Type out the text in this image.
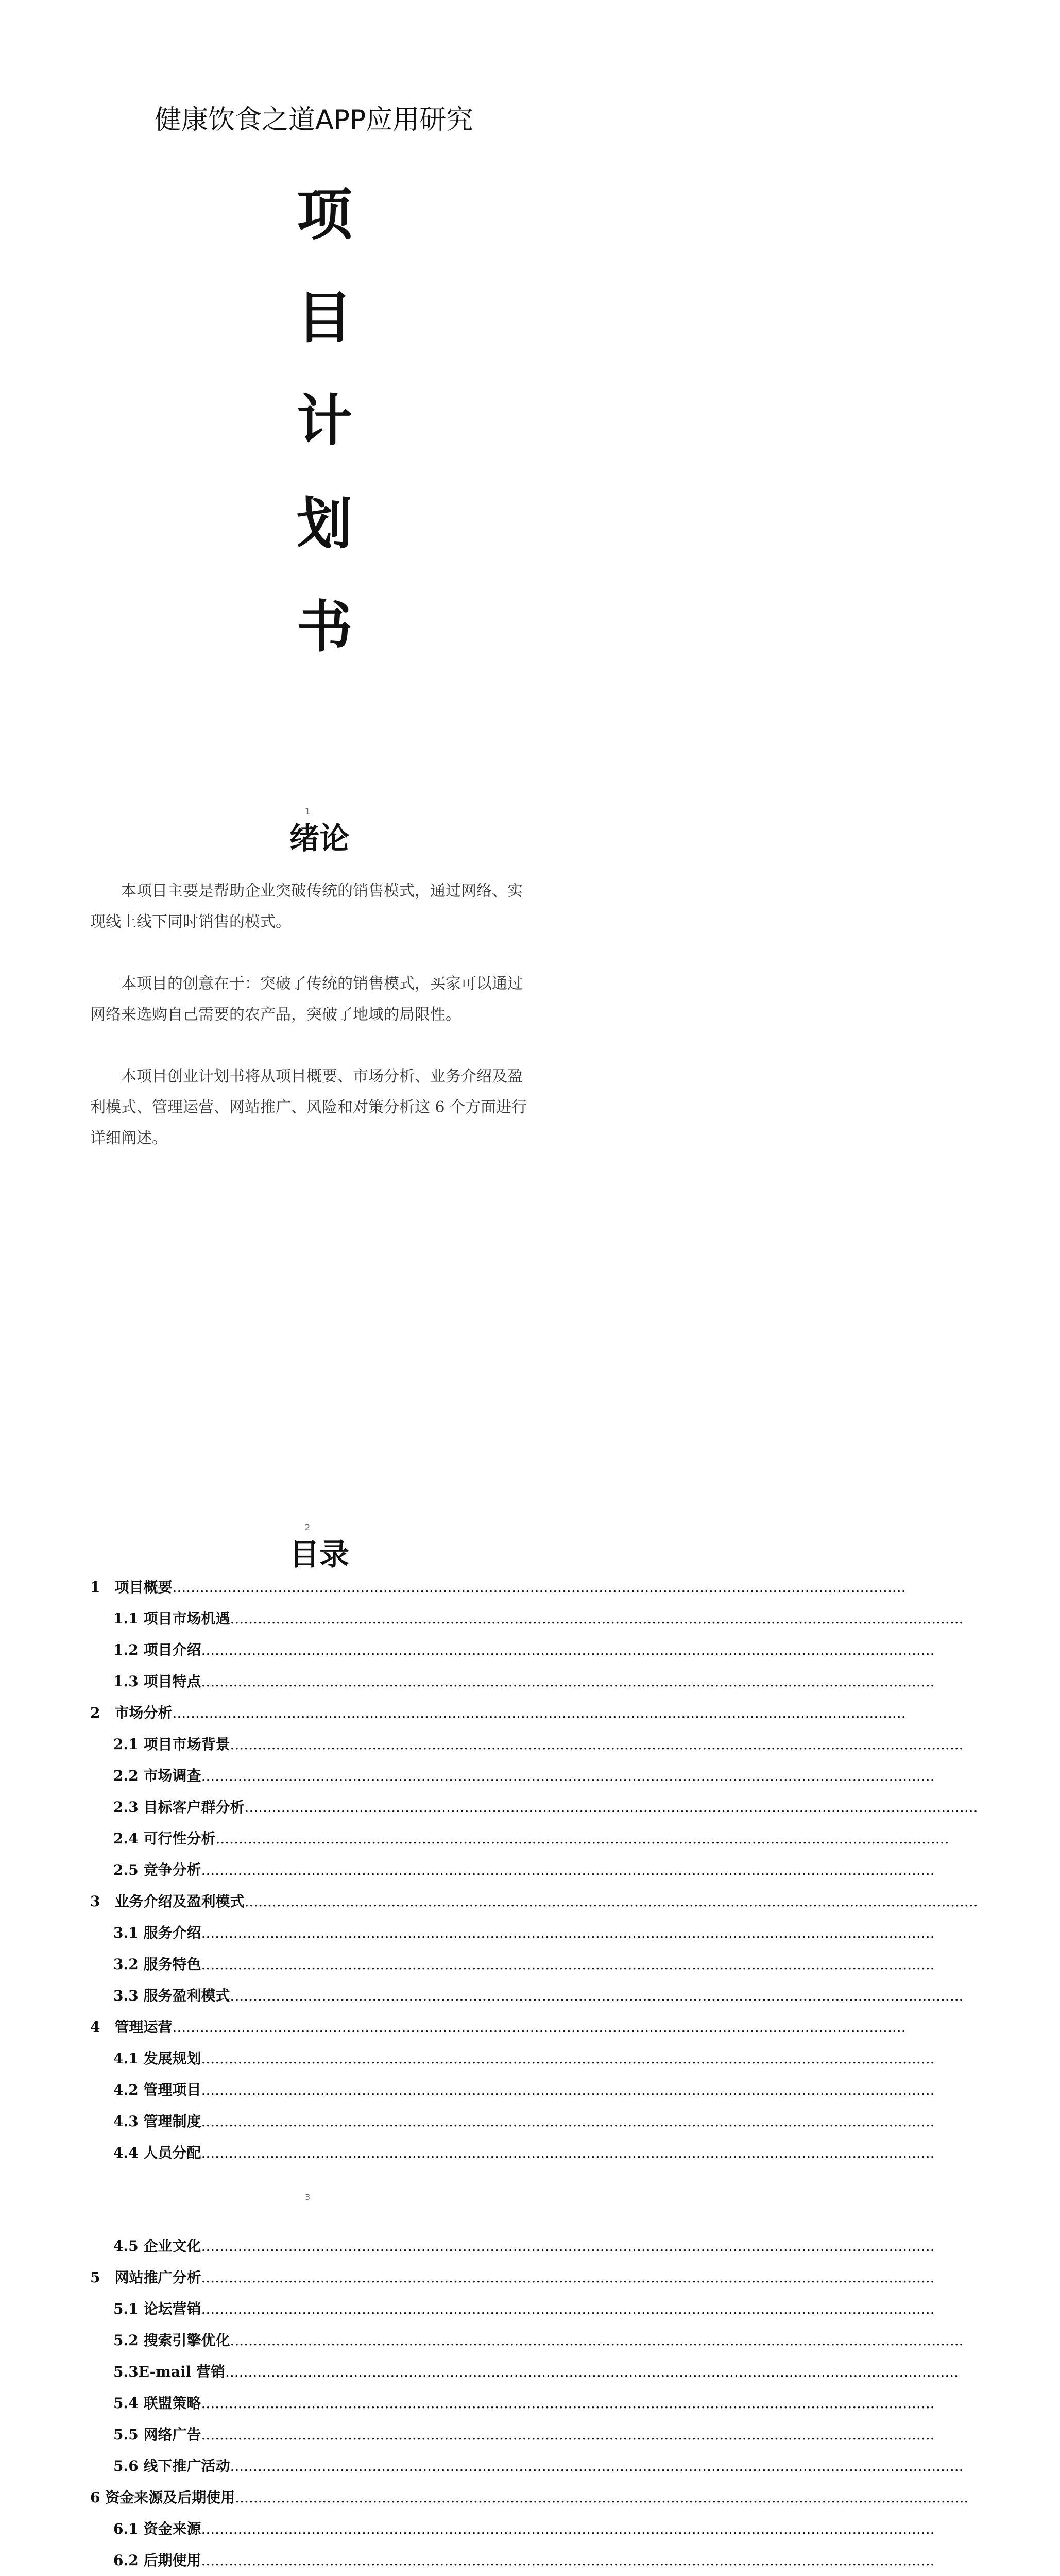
健康饮食之道APP应用研究
项
目
计
划
书
1
绪论

本项目主要是帮助企业突破传统的销售模式，通过网络、实现线上线下同时销售的模式。

本项目的创意在于：突破了传统的销售模式，买家可以通过网络来选购自己需要的农产品，突破了地域的局限性。

本项目创业计划书将从项目概要、市场分析、业务介绍及盈利模式、管理运营、网站推广、风险和对策分析这 6 个方面进行详细阐述。

2
目录
1　项目概要................................................................................................................................................................
1.1 项目市场机遇................................................................................................................................................................
1.2 项目介绍................................................................................................................................................................
1.3 项目特点................................................................................................................................................................
2　市场分析................................................................................................................................................................
2.1 项目市场背景................................................................................................................................................................
2.2 市场调查................................................................................................................................................................
2.3 目标客户群分析................................................................................................................................................................
2.4 可行性分析................................................................................................................................................................
2.5 竞争分析................................................................................................................................................................
3　业务介绍及盈利模式................................................................................................................................................................
3.1 服务介绍................................................................................................................................................................
3.2 服务特色................................................................................................................................................................
3.3 服务盈利模式................................................................................................................................................................
4　管理运营................................................................................................................................................................
4.1 发展规划................................................................................................................................................................
4.2 管理项目................................................................................................................................................................
4.3 管理制度................................................................................................................................................................
4.4 人员分配................................................................................................................................................................
4.5 企业文化................................................................................................................................................................
5　网站推广分析................................................................................................................................................................
5.1 论坛营销................................................................................................................................................................
5.2 搜索引擎优化................................................................................................................................................................
5.3E-mail 营销................................................................................................................................................................
5.4 联盟策略................................................................................................................................................................
5.5 网络广告................................................................................................................................................................
5.6 线下推广活动................................................................................................................................................................
6 资金来源及后期使用................................................................................................................................................................
6.1 资金来源................................................................................................................................................................
6.2 后期使用................................................................................................................................................................
3
